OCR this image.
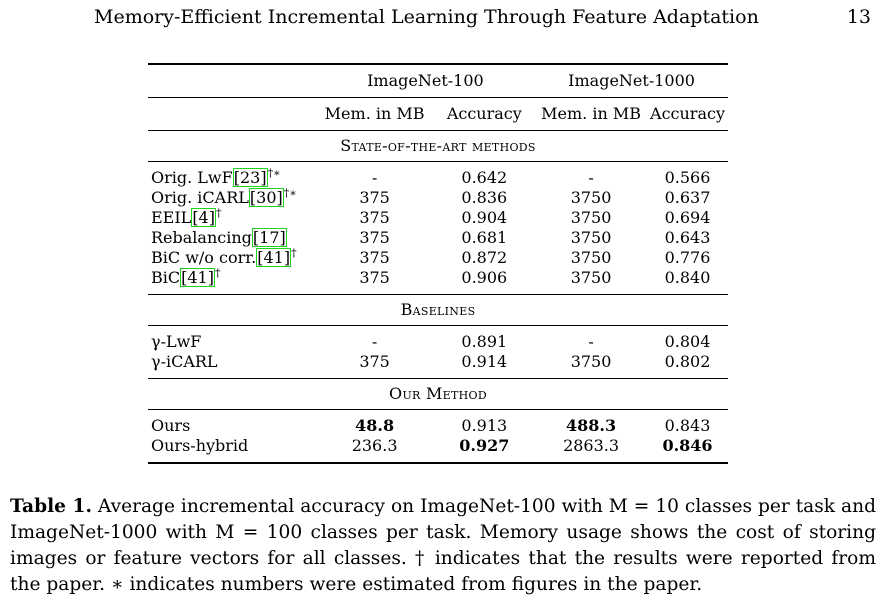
Memory-Efficient Incremental Learning Through Feature Adaptation	13
	ImageNet-100		ImageNet-1000	
	Mem. in MB	Accuracy	Mem. in MB	Accuracy
State-of-the-art methods				

Orig. LwF[23]†∗	-	0.642	-	0.566
Orig. iCARL[30]†∗	375	0.836	3750	0.637
EEIL[4]†	375	0.904	3750	0.694
Rebalancing[17]	375	0.681	3750	0.643
BiC w/o corr.[41]†	375	0.872	3750	0.776
BiC[41]†	375	0.906	3750	0.840

Baselines				

γ-LwF	-	0.891	-	0.804
γ-iCARL	375	0.914	3750	0.802

Our Method				

Ours	48.8	0.913	488.3	0.843
Ours-hybrid	236.3	0.927	2863.3	0.846

Table 1. Average incremental accuracy on ImageNet-100 with M = 10 classes per task and ImageNet-1000 with M = 100 classes per task. Memory usage shows the cost of storing images or feature vectors for all classes. † indicates that the results were reported from the paper. ∗ indicates numbers were estimated from figures in the paper.
